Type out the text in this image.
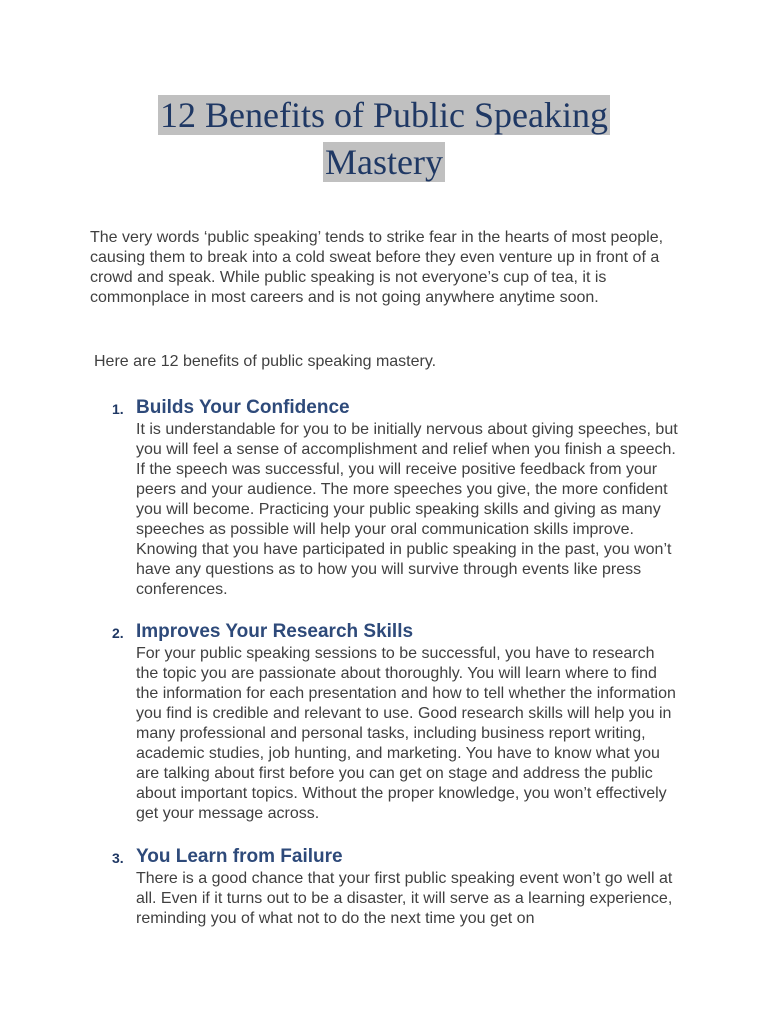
12 Benefits of Public Speaking
Mastery

The very words ‘public speaking’ tends to strike fear in the hearts of most people, causing them to break into a cold sweat before they even venture up in front of a crowd and speak. While public speaking is not everyone’s cup of tea, it is commonplace in most careers and is not going anywhere anytime soon.

Here are 12 benefits of public speaking mastery.

1. Builds Your Confidence

It is understandable for you to be initially nervous about giving speeches, but you will feel a sense of accomplishment and relief when you finish a speech. If the speech was successful, you will receive positive feedback from your peers and your audience. The more speeches you give, the more confident you will become. Practicing your public speaking skills and giving as many speeches as possible will help your oral communication skills improve. Knowing that you have participated in public speaking in the past, you won’t have any questions as to how you will survive through events like press conferences.

2. Improves Your Research Skills

For your public speaking sessions to be successful, you have to research the topic you are passionate about thoroughly. You will learn where to find the information for each presentation and how to tell whether the information you find is credible and relevant to use. Good research skills will help you in many professional and personal tasks, including business report writing, academic studies, job hunting, and marketing. You have to know what you are talking about first before you can get on stage and address the public about important topics. Without the proper knowledge, you won’t effectively get your message across.

3. You Learn from Failure

There is a good chance that your first public speaking event won’t go well at all. Even if it turns out to be a disaster, it will serve as a learning experience, reminding you of what not to do the next time you get on
